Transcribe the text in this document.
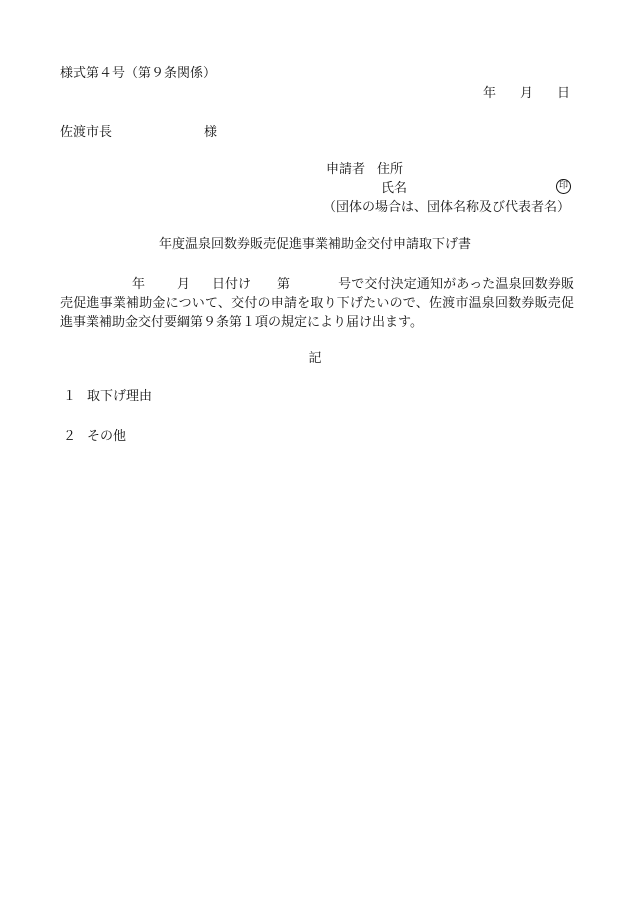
様式第４号（第９条関係）
年 月 日
佐渡市長	様
申請者 住所
氏名	印
（団体の場合は、団体名称及び代表者名）
年度温泉回数券販売促進事業補助金交付申請取下げ書
年 月 日付け 第	号で交付決定通知があった温泉回数券販売促進事業補助金について、交付の申請を取り下げたいので、佐渡市温泉回数券販売促進事業補助金交付要綱第９条第１項の規定により届け出ます。
記
１ 取下げ理由
２ その他
